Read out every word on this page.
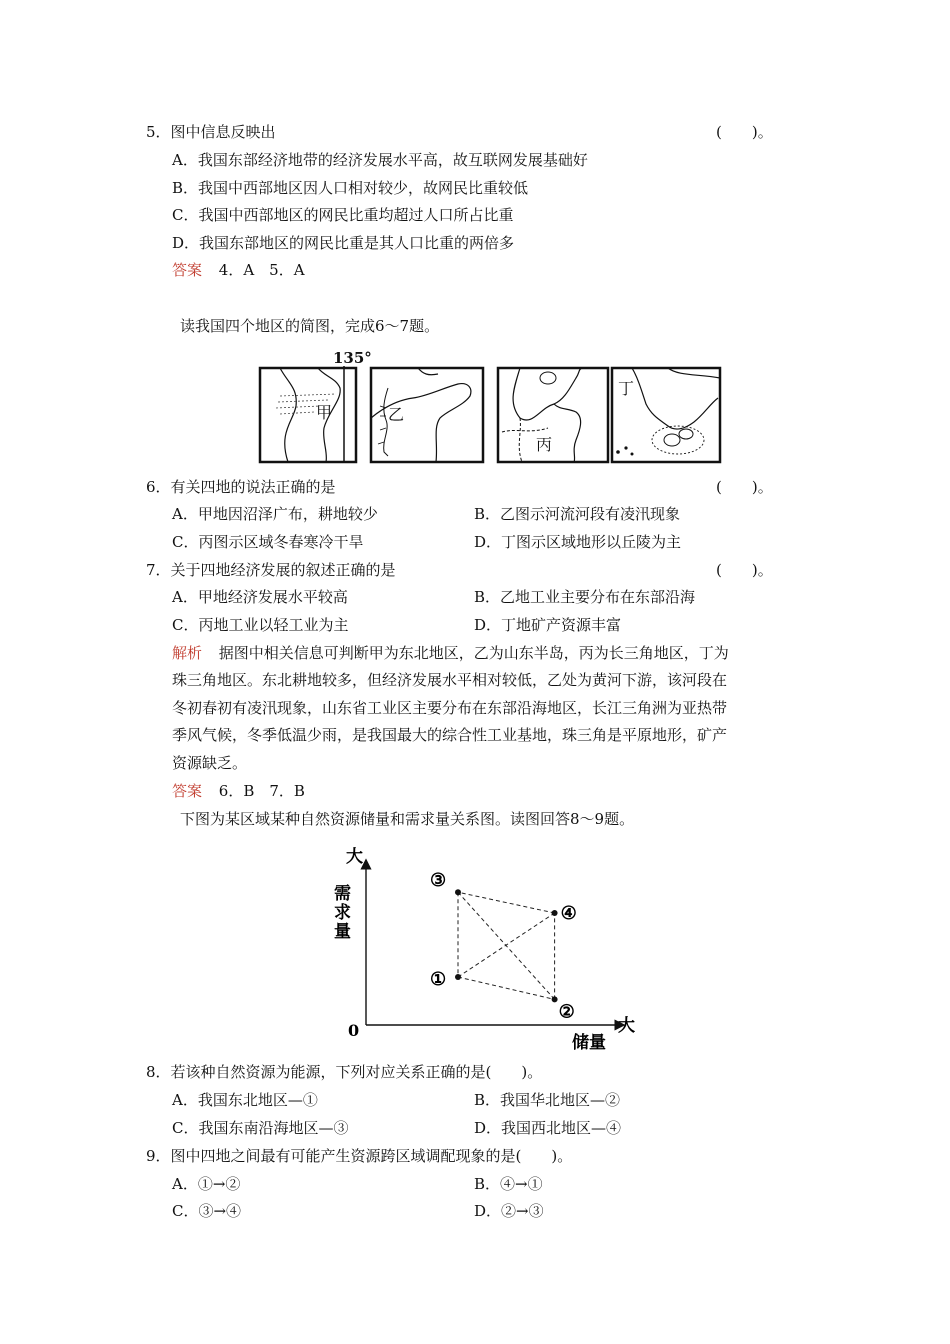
5．图中信息反映出	(　　)。
A．我国东部经济地带的经济发展水平高，故互联网发展基础好
B．我国中西部地区因人口相对较少，故网民比重较低
C．我国中西部地区的网民比重均超过人口所占比重
D．我国东部地区的网民比重是其人口比重的两倍多
答案 4．A　5．A
读我国四个地区的简图，完成6～7题。
135°
甲	乙
丙
丁
6．有关四地的说法正确的是	(　　)。
A．甲地因沼泽广布，耕地较少	B．乙图示河流河段有凌汛现象
C．丙图示区域冬春寒冷干旱	D．丁图示区域地形以丘陵为主
7．关于四地经济发展的叙述正确的是	(　　)。
A．甲地经济发展水平较高	B．乙地工业主要分布在东部沿海
C．丙地工业以轻工业为主	D．丁地矿产资源丰富
解析 据图中相关信息可判断甲为东北地区，乙为山东半岛，丙为长三角地区，丁为
珠三角地区。东北耕地较多，但经济发展水平相对较低，乙处为黄河下游，该河段在
冬初春初有凌汛现象，山东省工业区主要分布在东部沿海地区，长江三角洲为亚热带
季风气候，冬季低温少雨，是我国最大的综合性工业基地，珠三角是平原地形，矿产
资源缺乏。
答案 6．B　7．B
下图为某区域某种自然资源储量和需求量关系图。读图回答8～9题。
大
大
0
需求量
储量
①
②
③
④
8．若该种自然资源为能源，下列对应关系正确的是(　　)。
A．我国东北地区—①	B．我国华北地区—②
C．我国东南沿海地区—③	D．我国西北地区—④
9．图中四地之间最有可能产生资源跨区域调配现象的是(　　)。
A．①→②	B．④→①
C．③→④	D．②→③
